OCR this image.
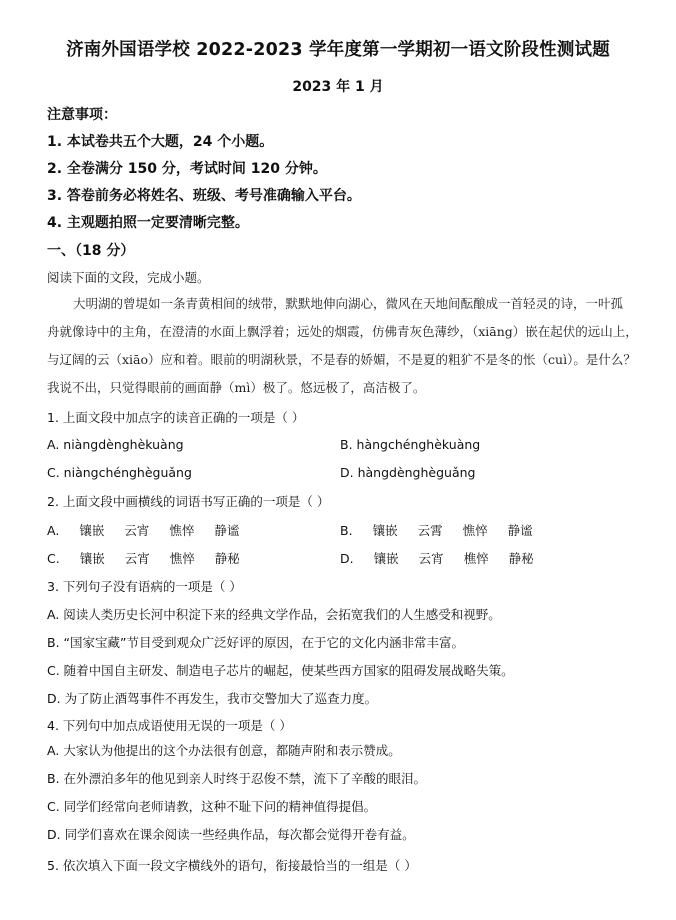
济南外国语学校 2022-2023 学年度第一学期初一语文阶段性测试题
2023 年 1 月
注意事项：
1. 本试卷共五个大题，24 个小题。
2. 全卷满分 150 分，考试时间 120 分钟。
3. 答卷前务必将姓名、班级、考号准确输入平台。
4. 主观题拍照一定要清晰完整。
一、（18 分）
阅读下面的文段，完成小题。
大明湖的曾堤如一条青黄相间的绒带，默默地伸向湖心，微风在天地间酝酿成一首轻灵的诗，一叶孤
舟就像诗中的主角，在澄清的水面上飘浮着；远处的烟霞，仿佛青灰色薄纱，（xiāng）嵌在起伏的远山上，
与辽阔的云（xiāo）应和着。眼前的明湖秋景，不是春的娇媚，不是夏的粗犷不是冬的怅（cuì）。是什么？
我说不出，只觉得眼前的画面静（mì）极了。悠远极了，高洁极了。
1. 上面文段中加点字的读音正确的一项是（ ）
A. niàngdènghèkuàng	B. hàngchénghèkuàng
C. niàngchénghèguǎng	D. hàngdènghèguǎng
2. 上面文段中画横线的词语书写正确的一项是（ ）
A. 镶嵌 云宵 憔悴 静谧	B. 镶嵌 云霄 憔悴 静谧
C. 镶嵌 云宵 憔悴 静秘	D. 镶嵌 云宵 樵悴 静秘
3. 下列句子没有语病的一项是（ ）
A. 阅读人类历史长河中积淀下来的经典文学作品，会拓宽我们的人生感受和视野。
B. “国家宝藏”节目受到观众广泛好评的原因，在于它的文化内涵非常丰富。
C. 随着中国自主研发、制造电子芯片的崛起，使某些西方国家的阻碍发展战略失策。
D. 为了防止酒驾事件不再发生，我市交警加大了巡查力度。
4. 下列句中加点成语使用无误的一项是（ ）
A. 大家认为他提出的这个办法很有创意，都随声附和表示赞成。
B. 在外漂泊多年的他见到亲人时终于忍俊不禁，流下了辛酸的眼泪。
C. 同学们经常向老师请教，这种不耻下问的精神值得提倡。
D. 同学们喜欢在课余阅读一些经典作品，每次都会觉得开卷有益。
5. 依次填入下面一段文字横线外的语句，衔接最恰当的一组是（ ）
